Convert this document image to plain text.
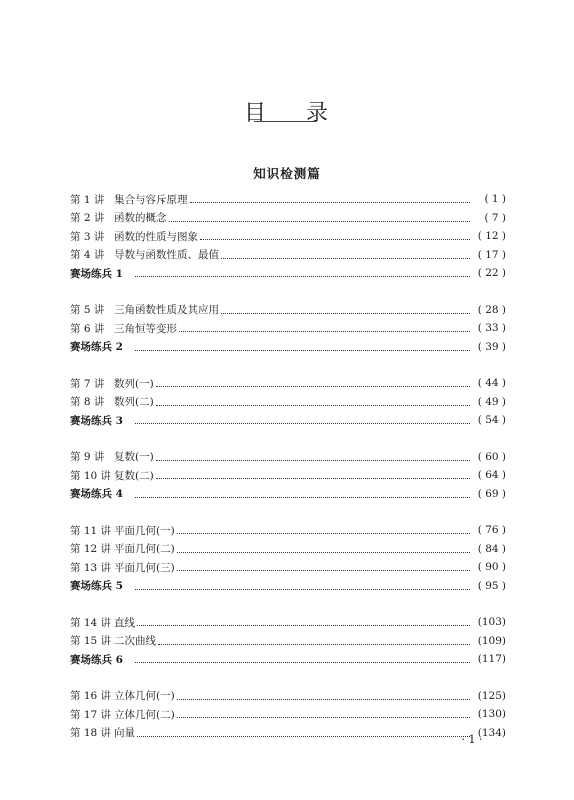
目 录
知识检测篇
第 1 讲 集合与容斥原理	( 1 )
第 2 讲 函数的概念	( 7 )
第 3 讲 函数的性质与图象	( 12 )
第 4 讲 导数与函数性质、最值	( 17 )
赛场练兵 1	( 22 )
第 5 讲 三角函数性质及其应用	( 28 )
第 6 讲 三角恒等变形	( 33 )
赛场练兵 2	( 39 )
第 7 讲 数列(一)	( 44 )
第 8 讲 数列(二)	( 49 )
赛场练兵 3	( 54 )
第 9 讲 复数(一)	( 60 )
第 10 讲 复数(二)	( 64 )
赛场练兵 4	( 69 )
第 11 讲 平面几何(一)	( 76 )
第 12 讲 平面几何(二)	( 84 )
第 13 讲 平面几何(三)	( 90 )
赛场练兵 5	( 95 )
第 14 讲 直线	(103)
第 15 讲 二次曲线	(109)
赛场练兵 6	(117)
第 16 讲 立体几何(一)	(125)
第 17 讲 立体几何(二)	(130)
第 18 讲 向量	(134)
· 1 ·
